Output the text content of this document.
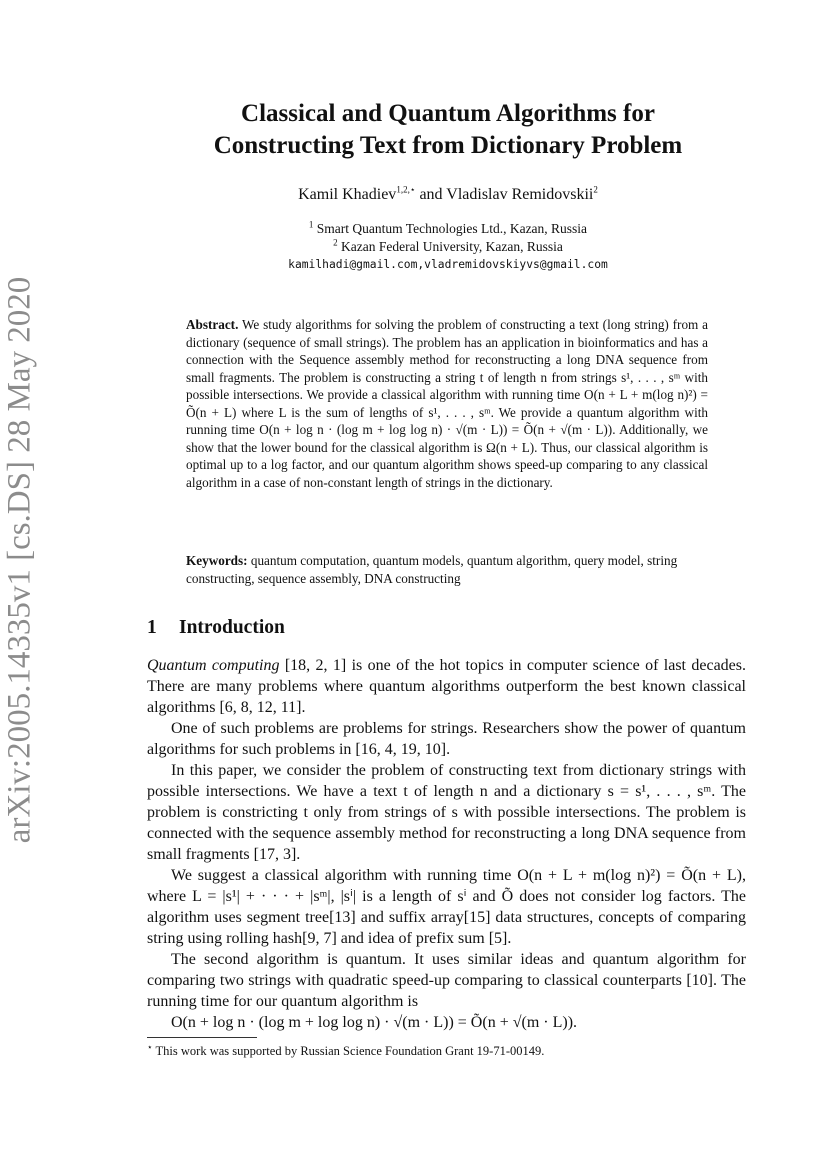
arXiv:2005.14335v1 [cs.DS] 28 May 2020
Classical and Quantum Algorithms for
Constructing Text from Dictionary Problem
Kamil Khadiev$^{1,2,⋆}$ and Vladislav Remidovskii$^2$
$^1$ Smart Quantum Technologies Ltd., Kazan, Russia
$^2$ Kazan Federal University, Kazan, Russia
kamilhadi@gmail.com,vladremidovskiyvs@gmail.com
Abstract. We study algorithms for solving the problem of constructing a text (long string) from a dictionary (sequence of small strings). The problem has an application in bioinformatics and has a connection with the Sequence assembly method for reconstructing a long DNA sequence from small fragments. The problem is constructing a string t of length n from strings s¹, . . . , sᵐ with possible intersections. We provide a classical algorithm with running time O(n + L + m(log n)²) = Õ(n + L) where L is the sum of lengths of s¹, . . . , sᵐ. We provide a quantum algorithm with running time O(n + log n · (log m + log log n) · √(m · L)) = Õ(n + √(m · L)). Additionally, we show that the lower bound for the classical algorithm is Ω(n + L). Thus, our classical algorithm is optimal up to a log factor, and our quantum algorithm shows speed-up comparing to any classical algorithm in a case of non-constant length of strings in the dictionary.
Keywords: quantum computation, quantum models, quantum algorithm, query model, string constructing, sequence assembly, DNA constructing
1 Introduction

Quantum computing [18, 2, 1] is one of the hot topics in computer science of last decades. There are many problems where quantum algorithms outperform the best known classical algorithms [6, 8, 12, 11].

One of such problems are problems for strings. Researchers show the power of quantum algorithms for such problems in [16, 4, 19, 10].

In this paper, we consider the problem of constructing text from dictionary strings with possible intersections. We have a text t of length n and a dictionary s = s¹, . . . , sᵐ. The problem is constricting t only from strings of s with possible intersections. The problem is connected with the sequence assembly method for reconstructing a long DNA sequence from small fragments [17, 3].

We suggest a classical algorithm with running time O(n + L + m(log n)²) = Õ(n + L), where L = |s¹| + · · · + |sᵐ|, |sⁱ| is a length of sⁱ and Õ does not consider log factors. The algorithm uses segment tree[13] and suffix array[15] data structures, concepts of comparing string using rolling hash[9, 7] and idea of prefix sum [5].

The second algorithm is quantum. It uses similar ideas and quantum algorithm for comparing two strings with quadratic speed-up comparing to classical counterparts [10]. The running time for our quantum algorithm is

O(n + log n · (log m + log log n) · √(m · L)) = Õ(n + √(m · L)).

⋆ This work was supported by Russian Science Foundation Grant 19-71-00149.
